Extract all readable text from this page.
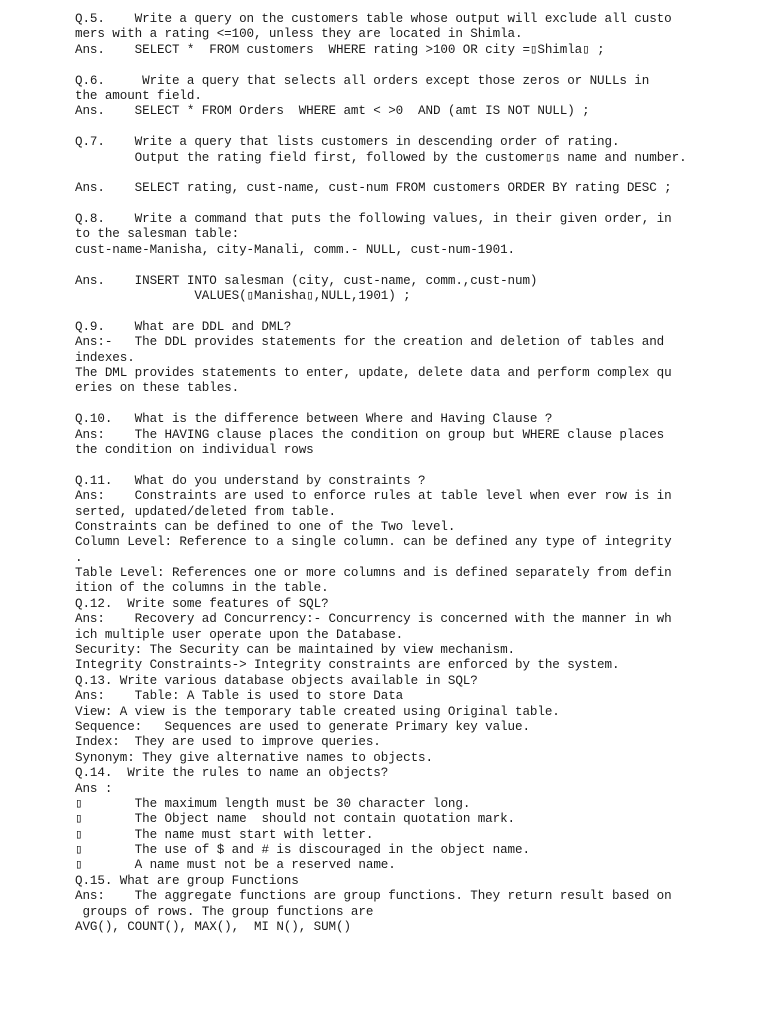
Q.5.    Write a query on the customers table whose output will exclude all custo
mers with a rating <=100, unless they are located in Shimla.
Ans.    SELECT *  FROM customers  WHERE rating >100 OR city =▯Shimla▯ ;
Q.6.     Write a query that selects all orders except those zeros or NULLs in
the amount field.
Ans.    SELECT * FROM Orders  WHERE amt < >0  AND (amt IS NOT NULL) ;
Q.7.    Write a query that lists customers in descending order of rating.
Output the rating field first, followed by the customer▯s name and number.
Ans.    SELECT rating, cust-name, cust-num FROM customers ORDER BY rating DESC ;
Q.8.    Write a command that puts the following values, in their given order, in
to the salesman table:
cust-name-Manisha, city-Manali, comm.- NULL, cust-num-1901.
Ans.    INSERT INTO salesman (city, cust-name, comm.,cust-num)
VALUES(▯Manisha▯,NULL,1901) ;
Q.9.    What are DDL and DML?
Ans:-   The DDL provides statements for the creation and deletion of tables and
indexes.
The DML provides statements to enter, update, delete data and perform complex qu
eries on these tables.
Q.10.   What is the difference between Where and Having Clause ?
Ans:    The HAVING clause places the condition on group but WHERE clause places
the condition on individual rows
Q.11.   What do you understand by constraints ?
Ans:    Constraints are used to enforce rules at table level when ever row is in
serted, updated/deleted from table.
Constraints can be defined to one of the Two level.
Column Level: Reference to a single column. can be defined any type of integrity
.
Table Level: References one or more columns and is defined separately from defin
ition of the columns in the table.
Q.12.  Write some features of SQL?
Ans:    Recovery ad Concurrency:- Concurrency is concerned with the manner in wh
ich multiple user operate upon the Database.
Security: The Security can be maintained by view mechanism.
Integrity Constraints-> Integrity constraints are enforced by the system.
Q.13. Write various database objects available in SQL?
Ans:    Table: A Table is used to store Data
View: A view is the temporary table created using Original table.
Sequence:   Sequences are used to generate Primary key value.
Index:  They are used to improve queries.
Synonym: They give alternative names to objects.
Q.14.  Write the rules to name an objects?
Ans :
▯       The maximum length must be 30 character long.
▯       The Object name  should not contain quotation mark.
▯       The name must start with letter.
▯       The use of $ and # is discouraged in the object name.
▯       A name must not be a reserved name.
Q.15. What are group Functions
Ans:    The aggregate functions are group functions. They return result based on
groups of rows. The group functions are
AVG(), COUNT(), MAX(),  MI N(), SUM()
